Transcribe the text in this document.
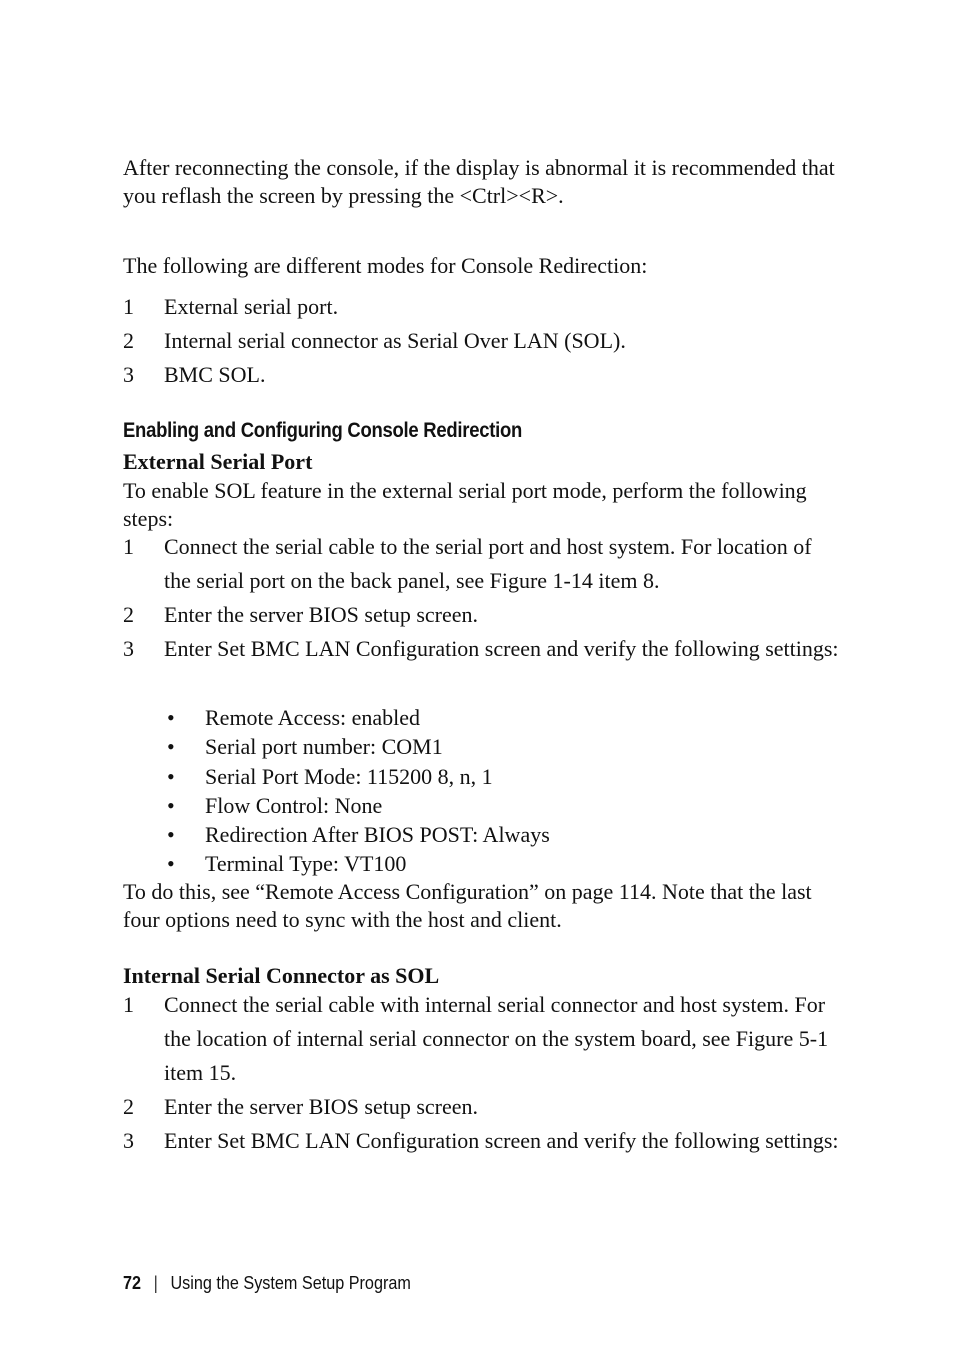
After reconnecting the console, if the display is abnormal it is recommended that you reflash the screen by pressing the <Ctrl><R>.

The following are different modes for Console Redirection:

1 External serial port.

2 Internal serial connector as Serial Over LAN (SOL).

3 BMC SOL.

Enabling and Configuring Console Redirection

External Serial Port

To enable SOL feature in the external serial port mode, perform the following steps:

1 Connect the serial cable to the serial port and host system. For location of the serial port on the back panel, see Figure 1-14 item 8.

2 Enter the server BIOS setup screen.

3 Enter Set BMC LAN Configuration screen and verify the following settings:

• Remote Access: enabled
• Serial port number: COM1
• Serial Port Mode: 115200 8, n, 1
• Flow Control: None
• Redirection After BIOS POST: Always
• Terminal Type: VT100

To do this, see “Remote Access Configuration” on page 114. Note that the last four options need to sync with the host and client.

Internal Serial Connector as SOL

1 Connect the serial cable with internal serial connector and host system. For the location of internal serial connector on the system board, see Figure 5-1 item 15.

2 Enter the server BIOS setup screen.

3 Enter Set BMC LAN Configuration screen and verify the following settings:

72 | Using the System Setup Program
